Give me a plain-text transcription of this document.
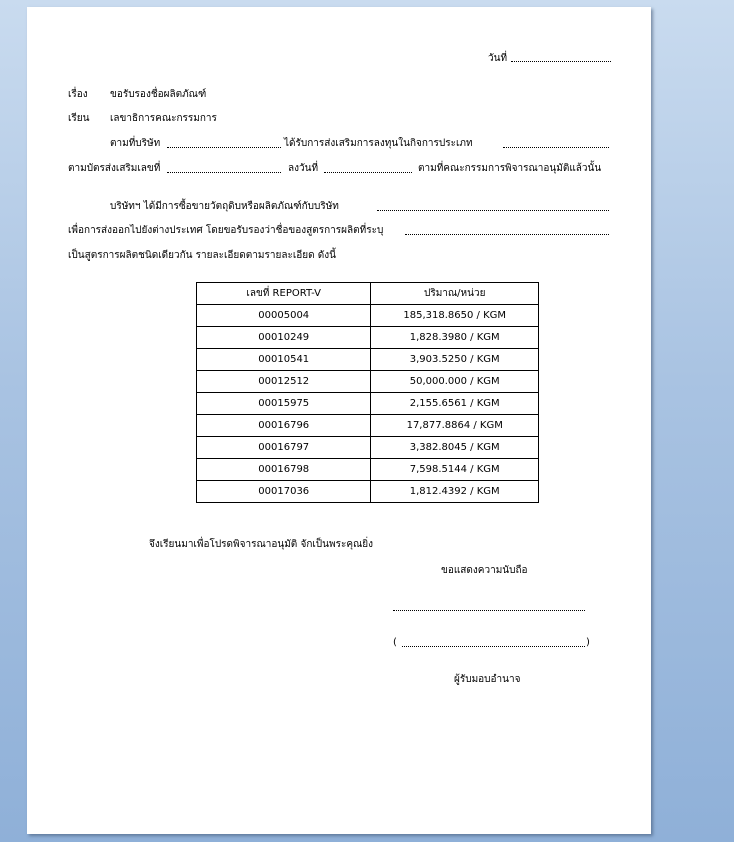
วันที่
เรื่อง ขอรับรองชื่อผลิตภัณฑ์
เรียน เลขาธิการคณะกรรมการ
ตามที่บริษัท	ได้รับการส่งเสริมการลงทุนในกิจการประเภท
ตามบัตรส่งเสริมเลขที่	ลงวันที่	ตามที่คณะกรรมการพิจารณาอนุมัติแล้วนั้น
บริษัทฯ ได้มีการซื้อขายวัตถุดิบหรือผลิตภัณฑ์กับบริษัท
เพื่อการส่งออกไปยังต่างประเทศ โดยขอรับรองว่าชื่อของสูตรการผลิตที่ระบุ
เป็นสูตรการผลิตชนิดเดียวกัน รายละเอียดตามรายละเอียด ดังนี้
เลขที่ REPORT-V	ปริมาณ/หน่วย
00005004	185,318.8650 / KGM
00010249	1,828.3980 / KGM
00010541	3,903.5250 / KGM
00012512	50,000.000 / KGM
00015975	2,155.6561 / KGM
00016796	17,877.8864 / KGM
00016797	3,382.8045 / KGM
00016798	7,598.5144 / KGM
00017036	1,812.4392 / KGM
จึงเรียนมาเพื่อโปรดพิจารณาอนุมัติ จักเป็นพระคุณยิ่ง
ขอแสดงความนับถือ
(	)
ผู้รับมอบอำนาจ
